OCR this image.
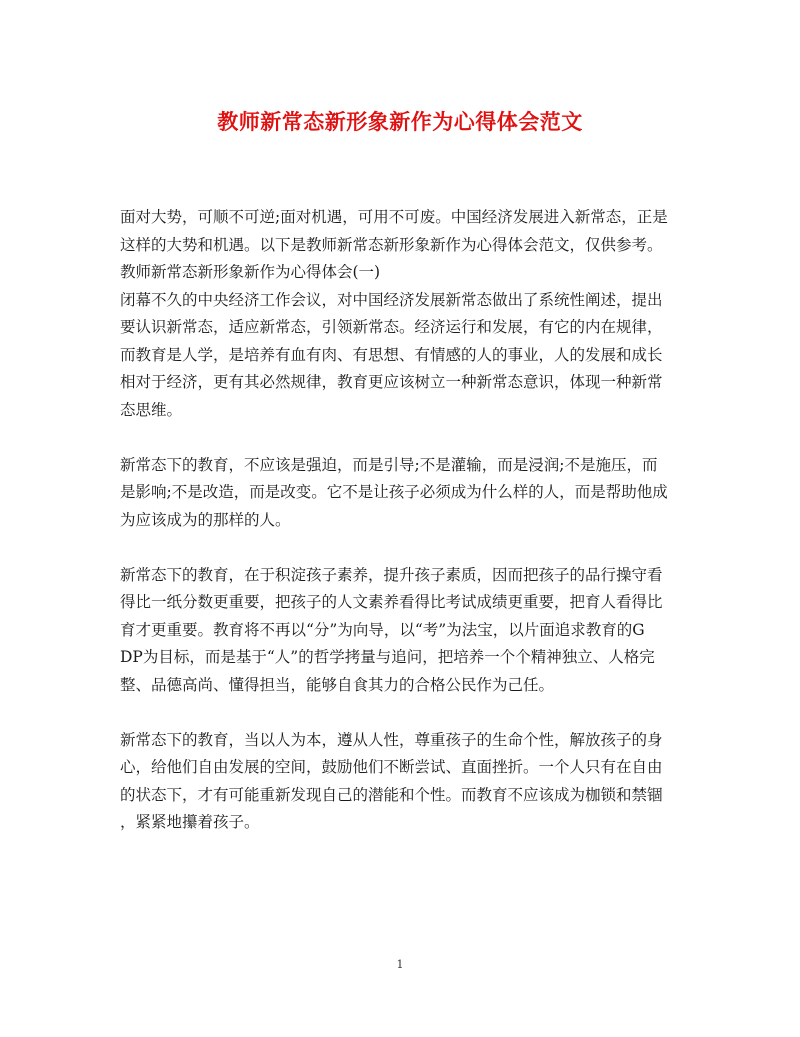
教师新常态新形象新作为心得体会范文
面对大势，可顺不可逆;面对机遇，可用不可废。中国经济发展进入新常态，正是
这样的大势和机遇。以下是教师新常态新形象新作为心得体会范文，仅供参考。
教师新常态新形象新作为心得体会(一)
闭幕不久的中央经济工作会议，对中国经济发展新常态做出了系统性阐述，提出
要认识新常态，适应新常态，引领新常态。经济运行和发展，有它的内在规律，
而教育是人学，是培养有血有肉、有思想、有情感的人的事业，人的发展和成长
相对于经济，更有其必然规律，教育更应该树立一种新常态意识，体现一种新常
态思维。
新常态下的教育，不应该是强迫，而是引导;不是灌输，而是浸润;不是施压，而
是影响;不是改造，而是改变。它不是让孩子必须成为什么样的人，而是帮助他成
为应该成为的那样的人。
新常态下的教育，在于积淀孩子素养，提升孩子素质，因而把孩子的品行操守看
得比一纸分数更重要，把孩子的人文素养看得比考试成绩更重要，把育人看得比
育才更重要。教育将不再以“分”为向导，以“考”为法宝，以片面追求教育的G
DP为目标，而是基于“人”的哲学拷量与追问，把培养一个个精神独立、人格完
整、品德高尚、懂得担当，能够自食其力的合格公民作为己任。
新常态下的教育，当以人为本，遵从人性，尊重孩子的生命个性，解放孩子的身
心，给他们自由发展的空间，鼓励他们不断尝试、直面挫折。一个人只有在自由
的状态下，才有可能重新发现自己的潜能和个性。而教育不应该成为枷锁和禁锢
，紧紧地攥着孩子。
1
